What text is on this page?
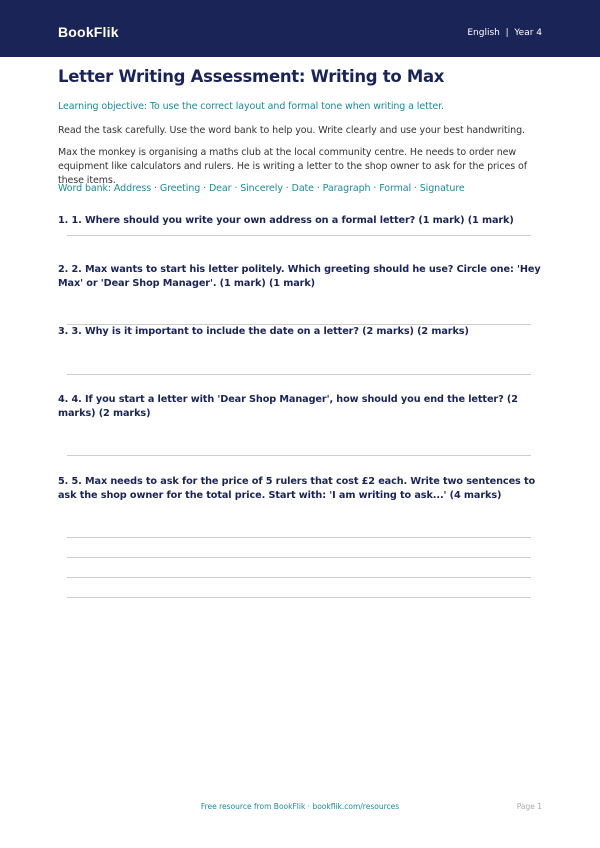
BookFlik	English  |  Year 4
Letter Writing Assessment: Writing to Max
Learning objective: To use the correct layout and formal tone when writing a letter.
Read the task carefully. Use the word bank to help you. Write clearly and use your best handwriting.
Max the monkey is organising a maths club at the local community centre. He needs to order new equipment like calculators and rulers. He is writing a letter to the shop owner to ask for the prices of these items.
Word bank: Address · Greeting · Dear · Sincerely · Date · Paragraph · Formal · Signature
1. 1. Where should you write your own address on a formal letter? (1 mark) (1 mark)
2. 2. Max wants to start his letter politely. Which greeting should he use? Circle one: 'Hey Max' or 'Dear Shop Manager'. (1 mark) (1 mark)
3. 3. Why is it important to include the date on a letter? (2 marks) (2 marks)
4. 4. If you start a letter with 'Dear Shop Manager', how should you end the letter? (2 marks) (2 marks)
5. 5. Max needs to ask for the price of 5 rulers that cost £2 each. Write two sentences to ask the shop owner for the total price. Start with: 'I am writing to ask...' (4 marks)
Free resource from BookFlik · bookflik.com/resources	Page 1
